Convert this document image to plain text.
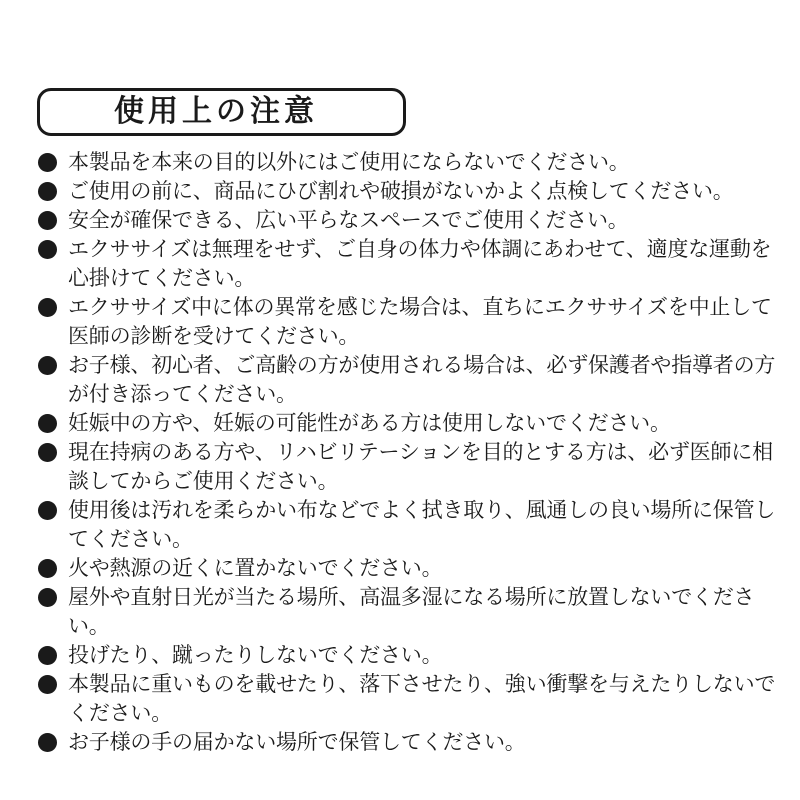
使用上の注意
本製品を本来の目的以外にはご使用にならないでください。
ご使用の前に、商品にひび割れや破損がないかよく点検してください。
安全が確保できる、広い平らなスペースでご使用ください。
エクササイズは無理をせず、ご自身の体力や体調にあわせて、適度な運動を心掛けてください。
エクササイズ中に体の異常を感じた場合は、直ちにエクササイズを中止して医師の診断を受けてください。
お子様、初心者、ご高齢の方が使用される場合は、必ず保護者や指導者の方が付き添ってください。
妊娠中の方や、妊娠の可能性がある方は使用しないでください。
現在持病のある方や、リハビリテーションを目的とする方は、必ず医師に相談してからご使用ください。
使用後は汚れを柔らかい布などでよく拭き取り、風通しの良い場所に保管してください。
火や熱源の近くに置かないでください。
屋外や直射日光が当たる場所、高温多湿になる場所に放置しないでください。
投げたり、蹴ったりしないでください。
本製品に重いものを載せたり、落下させたり、強い衝撃を与えたりしないでください。
お子様の手の届かない場所で保管してください。
